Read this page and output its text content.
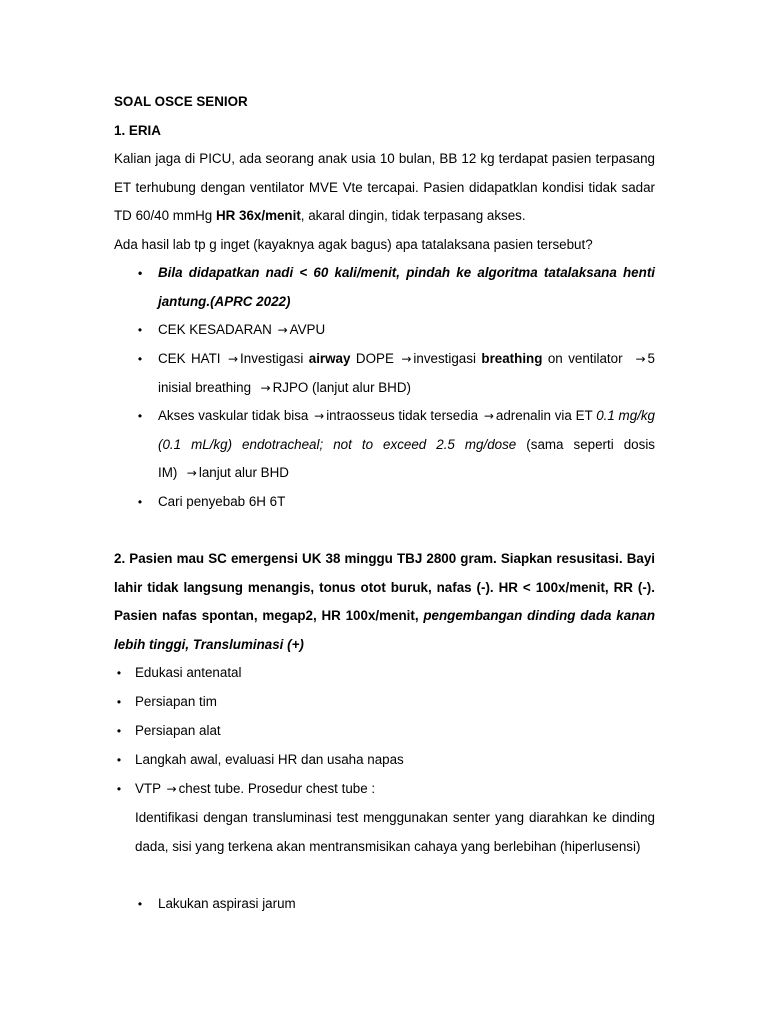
SOAL OSCE SENIOR
1. ERIA
Kalian jaga di PICU, ada seorang anak usia 10 bulan, BB 12 kg terdapat pasien terpasang ET terhubung dengan ventilator MVE Vte tercapai. Pasien didapatklan kondisi tidak sadar TD 60/40 mmHg HR 36x/menit, akaral dingin, tidak terpasang akses.
Ada hasil lab tp g inget (kayaknya agak bagus) apa tatalaksana pasien tersebut?
• Bila didapatkan nadi < 60 kali/menit, pindah ke algoritma tatalaksana henti jantung.(APRC 2022)
• CEK KESADARAN → AVPU
• CEK HATI → Investigasi airway DOPE → investigasi breathing on ventilator → 5 inisial breathing → RJPO (lanjut alur BHD)
• Akses vaskular tidak bisa → intraosseus tidak tersedia → adrenalin via ET 0.1 mg/kg (0.1 mL/kg) endotracheal; not to exceed 2.5 mg/dose (sama seperti dosis IM) → lanjut alur BHD
• Cari penyebab 6H 6T
2. Pasien mau SC emergensi UK 38 minggu TBJ 2800 gram. Siapkan resusitasi. Bayi lahir tidak langsung menangis, tonus otot buruk, nafas (-). HR < 100x/menit, RR (-). Pasien nafas spontan, megap2, HR 100x/menit, pengembangan dinding dada kanan lebih tinggi, Transluminasi (+)
• Edukasi antenatal
• Persiapan tim
• Persiapan alat
• Langkah awal, evaluasi HR dan usaha napas
• VTP → chest tube. Prosedur chest tube :
Identifikasi dengan transluminasi test menggunakan senter yang diarahkan ke dinding dada, sisi yang terkena akan mentransmisikan cahaya yang berlebihan (hiperlusensi)
• Lakukan aspirasi jarum
